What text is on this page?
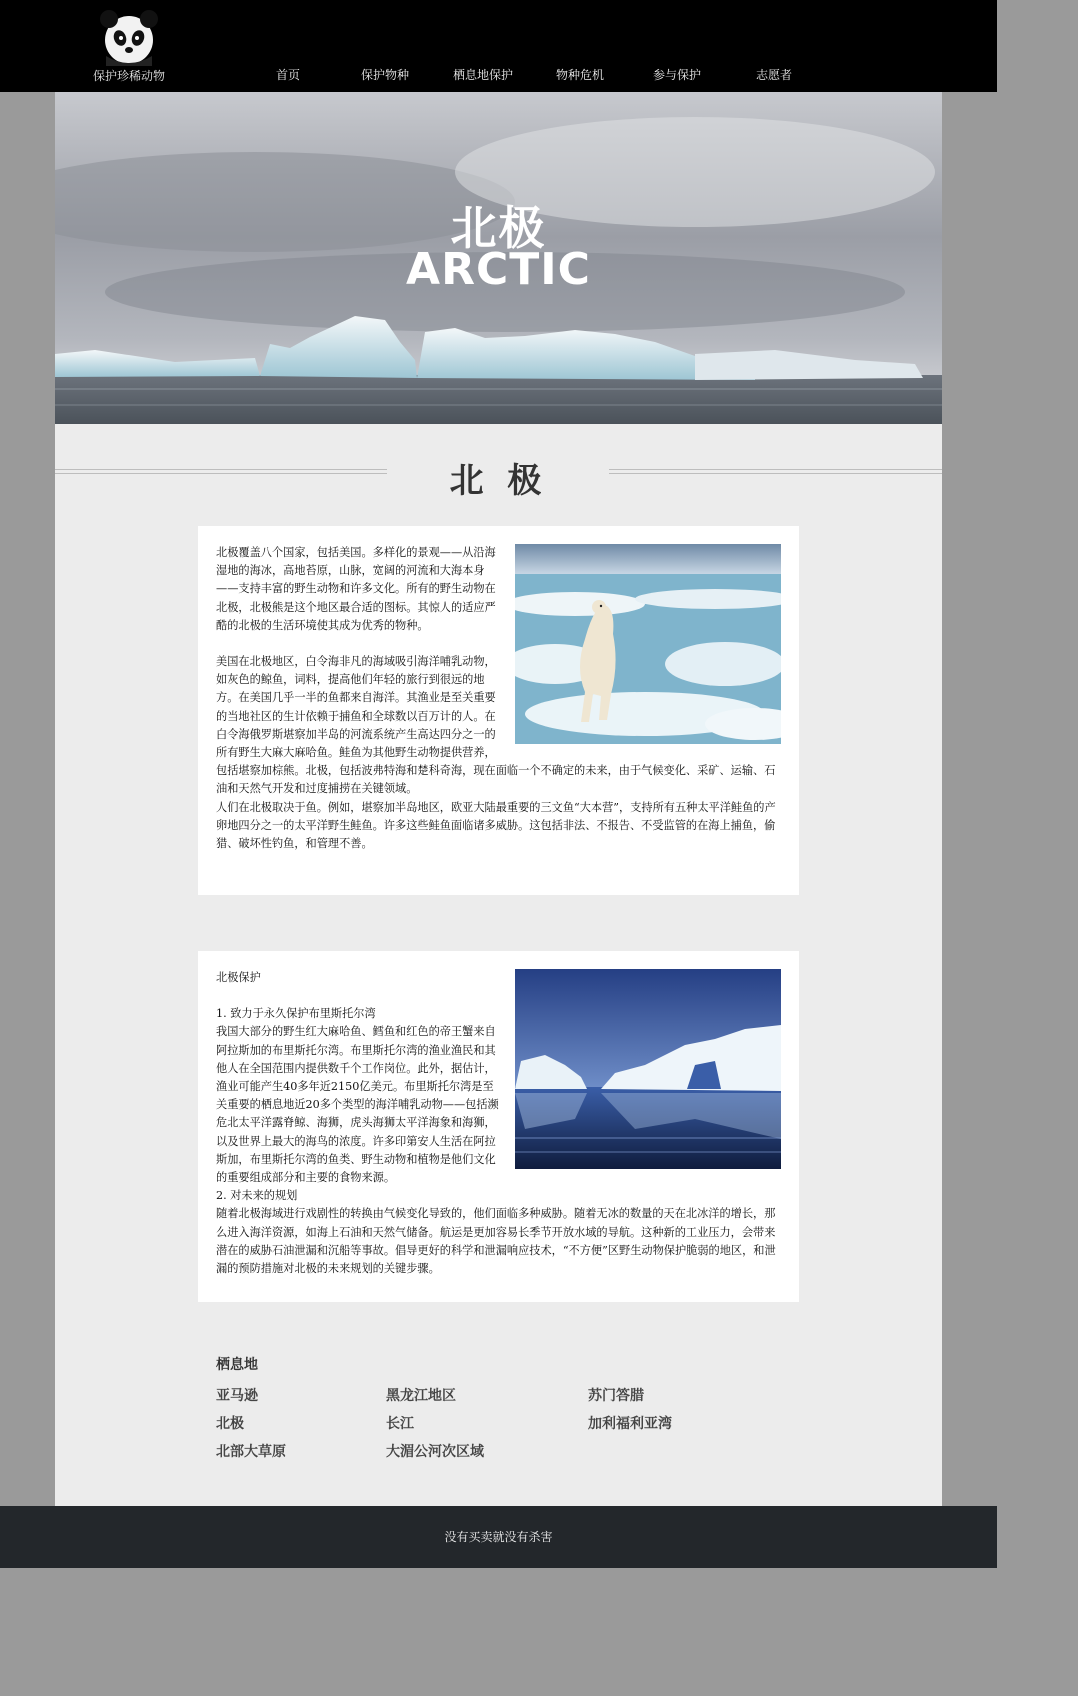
保护珍稀动物	首页	保护物种	栖息地保护	物种危机	参与保护	志愿者
北极
ARCTIC
北 极

北极覆盖八个国家，包括美国。多样化的景观——从沿海湿地的海冰，高地苔原，山脉，宽阔的河流和大海本身——支持丰富的野生动物和许多文化。所有的野生动物在北极，北极熊是这个地区最合适的图标。其惊人的适应严酷的北极的生活环境使其成为优秀的物种。

美国在北极地区，白令海非凡的海域吸引海洋哺乳动物，如灰色的鲸鱼，词料，提高他们年轻的旅行到很远的地方。在美国几乎一半的鱼都来自海洋。其渔业是至关重要的当地社区的生计依赖于捕鱼和全球数以百万计的人。在白令海俄罗斯堪察加半岛的河流系统产生高达四分之一的所有野生大麻大麻哈鱼。鲑鱼为其他野生动物提供营养，包括堪察加棕熊。北极，包括波弗特海和楚科奇海，现在面临一个不确定的未来，由于气候变化、采矿、运输、石油和天然气开发和过度捕捞在关键领域。

人们在北极取决于鱼。例如，堪察加半岛地区，欧亚大陆最重要的三文鱼“大本营”，支持所有五种太平洋鲑鱼的产卵地四分之一的太平洋野生鲑鱼。许多这些鲑鱼面临诸多威胁。这包括非法、不报告、不受监管的在海上捕鱼，偷猎、破坏性钓鱼，和管理不善。

北极保护

1. 致力于永久保护布里斯托尔湾

我国大部分的野生红大麻哈鱼、鳕鱼和红色的帝王蟹来自阿拉斯加的布里斯托尔湾。布里斯托尔湾的渔业渔民和其他人在全国范围内提供数千个工作岗位。此外，据估计，渔业可能产生40多年近2150亿美元。布里斯托尔湾是至关重要的栖息地近20多个类型的海洋哺乳动物——包括濒危北太平洋露脊鲸、海狮，虎头海狮太平洋海象和海狮，以及世界上最大的海鸟的浓度。许多印第安人生活在阿拉斯加，布里斯托尔湾的鱼类、野生动物和植物是他们文化的重要组成部分和主要的食物来源。

2. 对未来的规划

随着北极海域进行戏剧性的转换由气候变化导致的，他们面临多种威胁。随着无冰的数量的天在北冰洋的增长，那么进入海洋资源，如海上石油和天然气储备。航运是更加容易长季节开放水域的导航。这种新的工业压力，会带来潜在的威胁石油泄漏和沉船等事故。倡导更好的科学和泄漏响应技术，“不方便”区野生动物保护脆弱的地区，和泄漏的预防措施对北极的未来规划的关键步骤。

栖息地
亚马逊	黑龙江地区	苏门答腊
北极	长江	加利福利亚湾
北部大草原	大湄公河次区域
没有买卖就没有杀害
